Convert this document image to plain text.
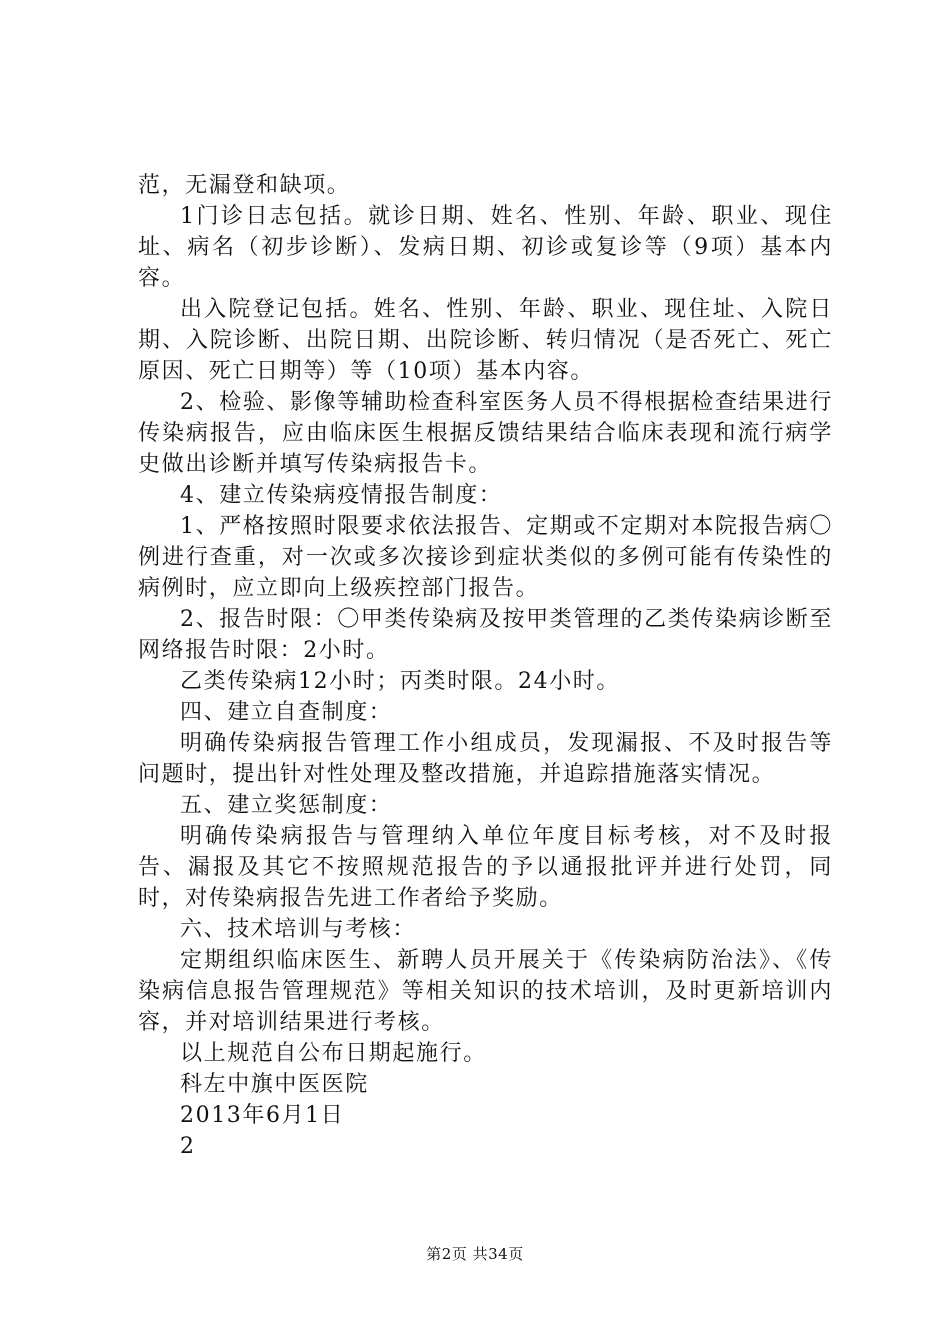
范，无漏登和缺项。

1门诊日志包括。就诊日期、姓名、性别、年龄、职业、现住址、病名（初步诊断）、发病日期、初诊或复诊等（9项）基本内容。

出入院登记包括。姓名、性别、年龄、职业、现住址、入院日期、入院诊断、出院日期、出院诊断、转归情况（是否死亡、死亡原因、死亡日期等）等（10项）基本内容。

2、检验、影像等辅助检查科室医务人员不得根据检查结果进行传染病报告，应由临床医生根据反馈结果结合临床表现和流行病学史做出诊断并填写传染病报告卡。

4、建立传染病疫情报告制度：

1、严格按照时限要求依法报告、定期或不定期对本院报告病〇例进行查重，对一次或多次接诊到症状类似的多例可能有传染性的病例时，应立即向上级疾控部门报告。

2、报告时限：〇甲类传染病及按甲类管理的乙类传染病诊断至网络报告时限：2小时。

乙类传染病12小时；丙类时限。24小时。

四、建立自查制度：

明确传染病报告管理工作小组成员，发现漏报、不及时报告等问题时，提出针对性处理及整改措施，并追踪措施落实情况。

五、建立奖惩制度：

明确传染病报告与管理纳入单位年度目标考核，对不及时报告、漏报及其它不按照规范报告的予以通报批评并进行处罚，同时，对传染病报告先进工作者给予奖励。

六、技术培训与考核：

定期组织临床医生、新聘人员开展关于《传染病防治法》、《传染病信息报告管理规范》等相关知识的技术培训，及时更新培训内容，并对培训结果进行考核。

以上规范自公布日期起施行。

科左中旗中医医院

2013年6月1日

2

第2页 共34页
